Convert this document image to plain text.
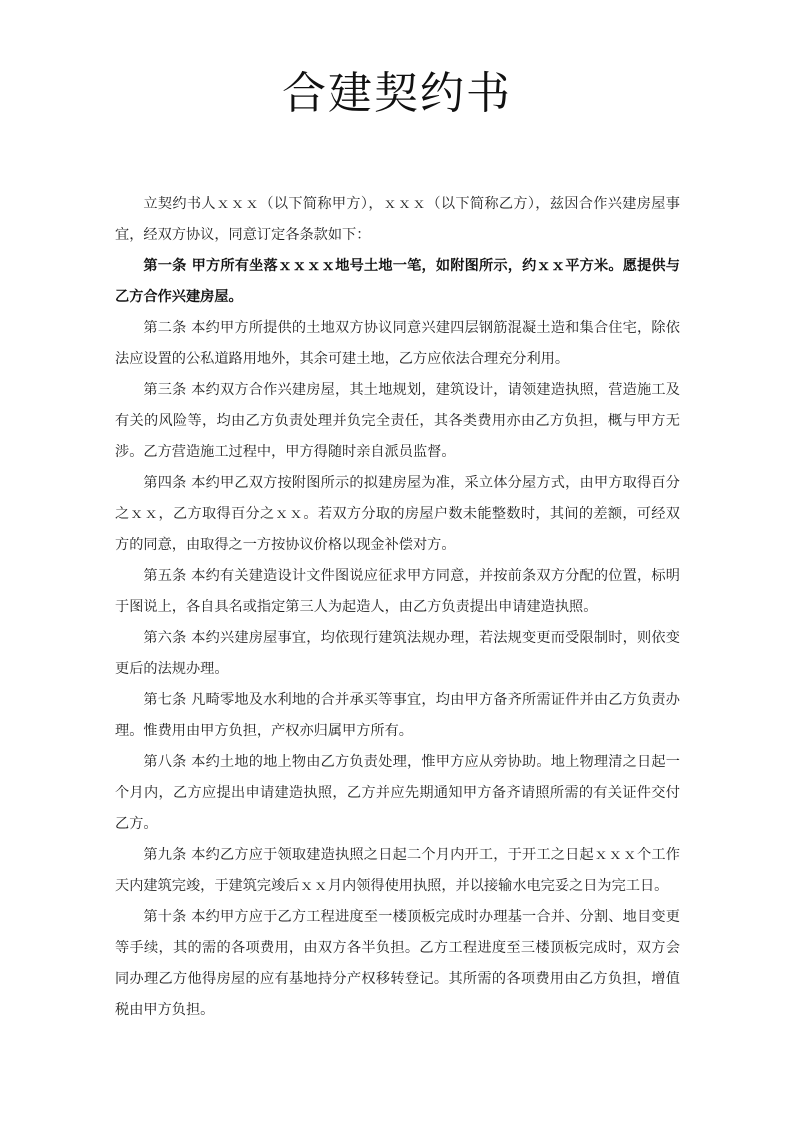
合建契约书

立契约书人ｘｘｘ（以下简称甲方），ｘｘｘ（以下简称乙方），兹因合作兴建房屋事宜，经双方协议，同意订定各条款如下：

第一条 甲方所有坐落ｘｘｘｘ地号土地一笔，如附图所示，约ｘｘ平方米。愿提供与乙方合作兴建房屋。

第二条 本约甲方所提供的土地双方协议同意兴建四层钢筋混凝土造和集合住宅，除依法应设置的公私道路用地外，其余可建土地，乙方应依法合理充分利用。

第三条 本约双方合作兴建房屋，其土地规划，建筑设计，请领建造执照，营造施工及有关的风险等，均由乙方负责处理并负完全责任，其各类费用亦由乙方负担，概与甲方无涉。乙方营造施工过程中，甲方得随时亲自派员监督。

第四条 本约甲乙双方按附图所示的拟建房屋为准，采立体分屋方式，由甲方取得百分之ｘｘ，乙方取得百分之ｘｘ。若双方分取的房屋户数未能整数时，其间的差额，可经双方的同意，由取得之一方按协议价格以现金补偿对方。

第五条 本约有关建造设计文件图说应征求甲方同意，并按前条双方分配的位置，标明于图说上，各自具名或指定第三人为起造人，由乙方负责提出申请建造执照。

第六条 本约兴建房屋事宜，均依现行建筑法规办理，若法规变更而受限制时，则依变更后的法规办理。

第七条 凡畸零地及水利地的合并承买等事宜，均由甲方备齐所需证件并由乙方负责办理。惟费用由甲方负担，产权亦归属甲方所有。

第八条 本约土地的地上物由乙方负责处理，惟甲方应从旁协助。地上物理清之日起一个月内，乙方应提出申请建造执照，乙方并应先期通知甲方备齐请照所需的有关证件交付乙方。

第九条 本约乙方应于领取建造执照之日起二个月内开工，于开工之日起ｘｘｘ个工作天内建筑完竣，于建筑完竣后ｘｘ月内领得使用执照，并以接输水电完妥之日为完工日。

第十条 本约甲方应于乙方工程进度至一楼顶板完成时办理基一合并、分割、地目变更等手续，其的需的各项费用，由双方各半负担。乙方工程进度至三楼顶板完成时，双方会同办理乙方他得房屋的应有基地持分产权移转登记。其所需的各项费用由乙方负担，增值税由甲方负担。
